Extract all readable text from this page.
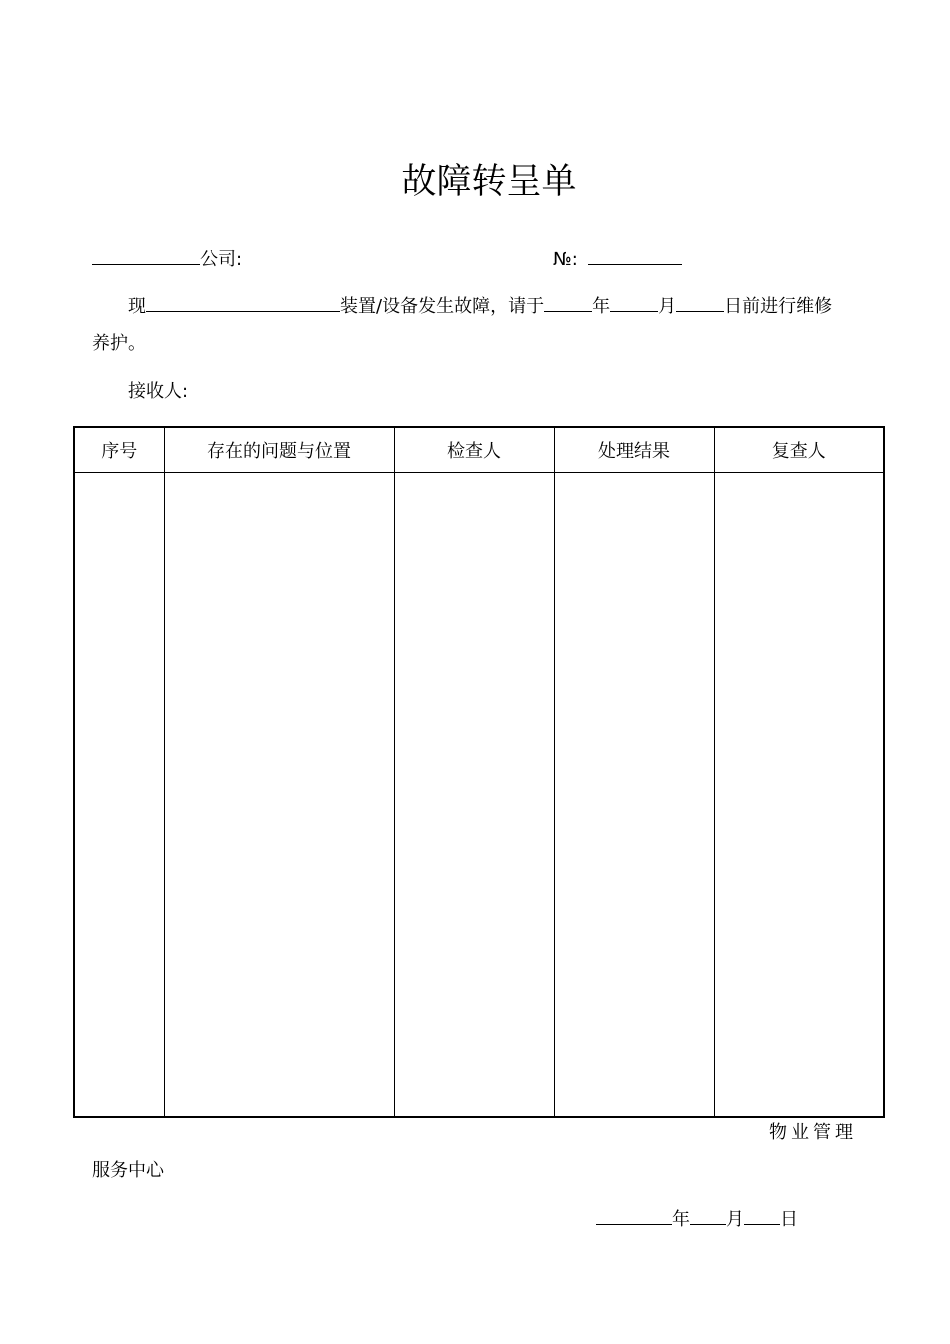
故障转呈单
公司:	№:
现	装置/设备发生故障，请于	年	月	日前进行维修
养护。
接收人:
序号	存在的问题与位置	检查人	处理结果	复查人

物业管理
服务中心
年 月 日
